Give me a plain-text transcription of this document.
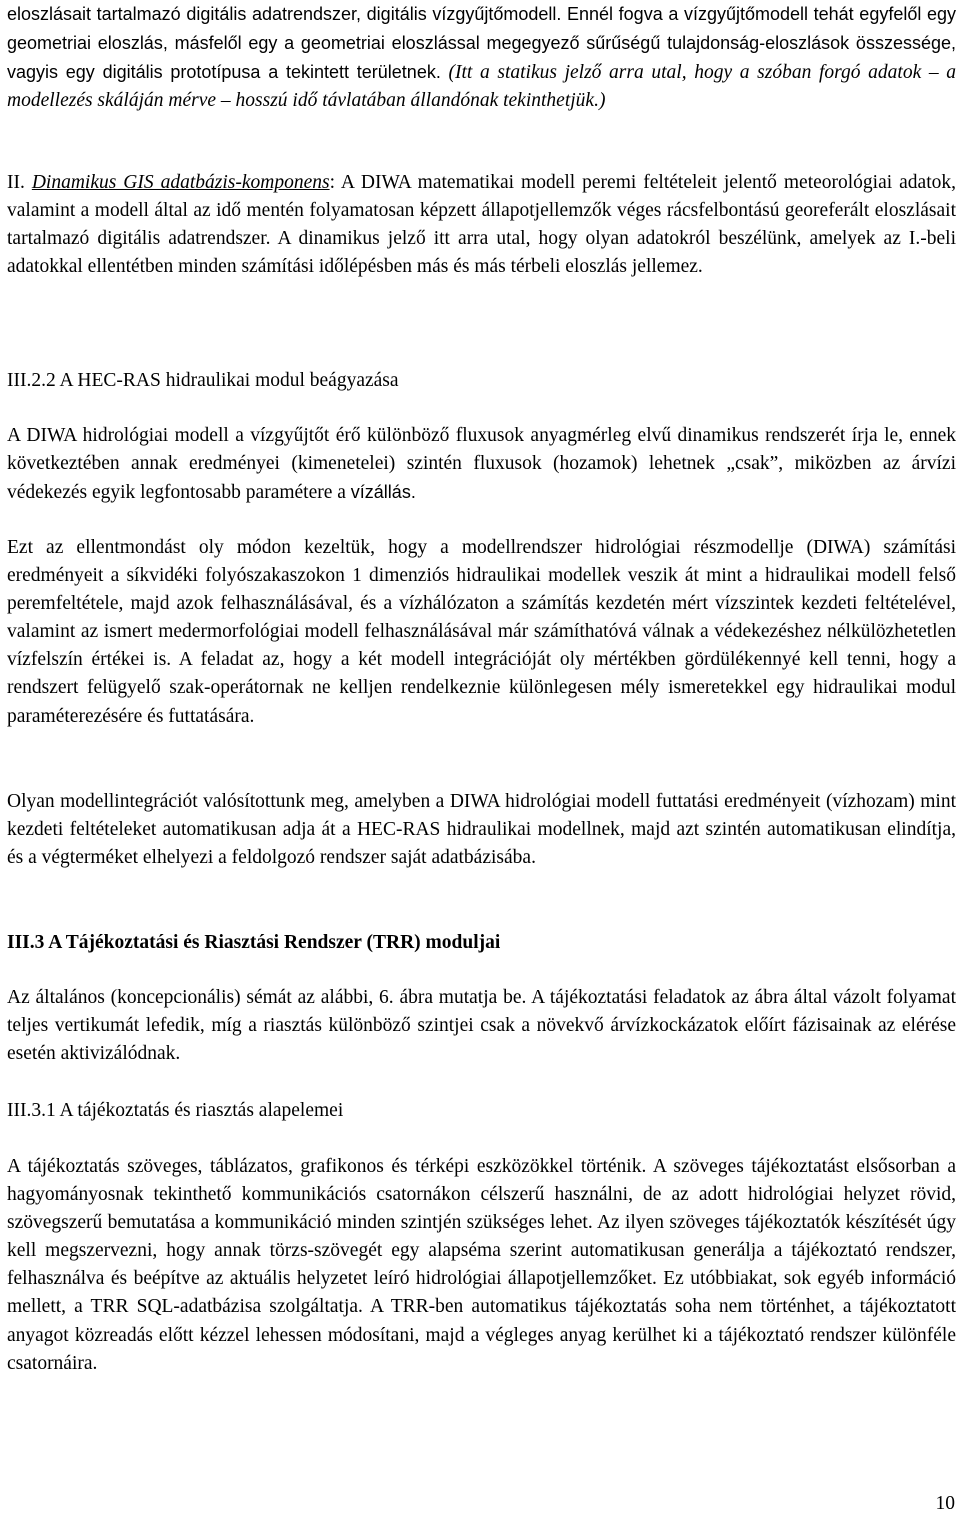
eloszlásait tartalmazó digitális adatrendszer, digitális vízgyűjtőmodell. Ennél fogva a vízgyűjtőmodell tehát egyfelől egy geometriai eloszlás, másfelől egy a geometriai eloszlással megegyező sűrűségű tulajdonság-eloszlások összessége, vagyis egy digitális prototípusa a tekintett területnek. (Itt a statikus jelző arra utal, hogy a szóban forgó adatok – a modellezés skáláján mérve – hosszú idő távlatában állandónak tekinthetjük.)

II. Dinamikus GIS adatbázis-komponens: A DIWA matematikai modell peremi feltételeit jelentő meteorológiai adatok, valamint a modell által az idő mentén folyamatosan képzett állapotjellemzők véges rácsfelbontású georeferált eloszlásait tartalmazó digitális adatrendszer. A dinamikus jelző itt arra utal, hogy olyan adatokról beszélünk, amelyek az I.-beli adatokkal ellentétben minden számítási időlépésben más és más térbeli eloszlás jellemez.

III.2.2 A HEC-RAS hidraulikai modul beágyazása

A DIWA hidrológiai modell a vízgyűjtőt érő különböző fluxusok anyagmérleg elvű dinamikus rendszerét írja le, ennek következtében annak eredményei (kimenetelei) szintén fluxusok (hozamok) lehetnek „csak”, miközben az árvízi védekezés egyik legfontosabb paramétere a vízállás.

Ezt az ellentmondást oly módon kezeltük, hogy a modellrendszer hidrológiai részmodellje (DIWA) számítási eredményeit a síkvidéki folyószakaszokon 1 dimenziós hidraulikai modellek veszik át mint a hidraulikai modell felső peremfeltétele, majd azok felhasználásával, és a vízhálózaton a számítás kezdetén mért vízszintek kezdeti feltételével, valamint az ismert medermorfológiai modell felhasználásával már számíthatóvá válnak a védekezéshez nélkülözhetetlen vízfelszín értékei is. A feladat az, hogy a két modell integrációját oly mértékben gördülékennyé kell tenni, hogy a rendszert felügyelő szak-operátornak ne kelljen rendelkeznie különlegesen mély ismeretekkel egy hidraulikai modul paraméterezésére és futtatására.

Olyan modellintegrációt valósítottunk meg, amelyben a DIWA hidrológiai modell futtatási eredményeit (vízhozam) mint kezdeti feltételeket automatikusan adja át a HEC-RAS hidraulikai modellnek, majd azt szintén automatikusan elindítja, és a végterméket elhelyezi a feldolgozó rendszer saját adatbázisába.

III.3 A Tájékoztatási és Riasztási Rendszer (TRR) moduljai

Az általános (koncepcionális) sémát az alábbi, 6. ábra mutatja be. A tájékoztatási feladatok az ábra által vázolt folyamat teljes vertikumát lefedik, míg a riasztás különböző szintjei csak a növekvő árvízkockázatok előírt fázisainak az elérése esetén aktivizálódnak.

III.3.1 A tájékoztatás és riasztás alapelemei

A tájékoztatás szöveges, táblázatos, grafikonos és térképi eszközökkel történik. A szöveges tájékoztatást elsősorban a hagyományosnak tekinthető kommunikációs csatornákon célszerű használni, de az adott hidrológiai helyzet rövid, szövegszerű bemutatása a kommunikáció minden szintjén szükséges lehet. Az ilyen szöveges tájékoztatók készítését úgy kell megszervezni, hogy annak törzs-szövegét egy alapséma szerint automatikusan generálja a tájékoztató rendszer, felhasználva és beépítve az aktuális helyzetet leíró hidrológiai állapotjellemzőket. Ez utóbbiakat, sok egyéb információ mellett, a TRR SQL-adatbázisa szolgáltatja. A TRR-ben automatikus tájékoztatás soha nem történhet, a tájékoztatott anyagot közreadás előtt kézzel lehessen módosítani, majd a végleges anyag kerülhet ki a tájékoztató rendszer különféle csatornáira.

10
